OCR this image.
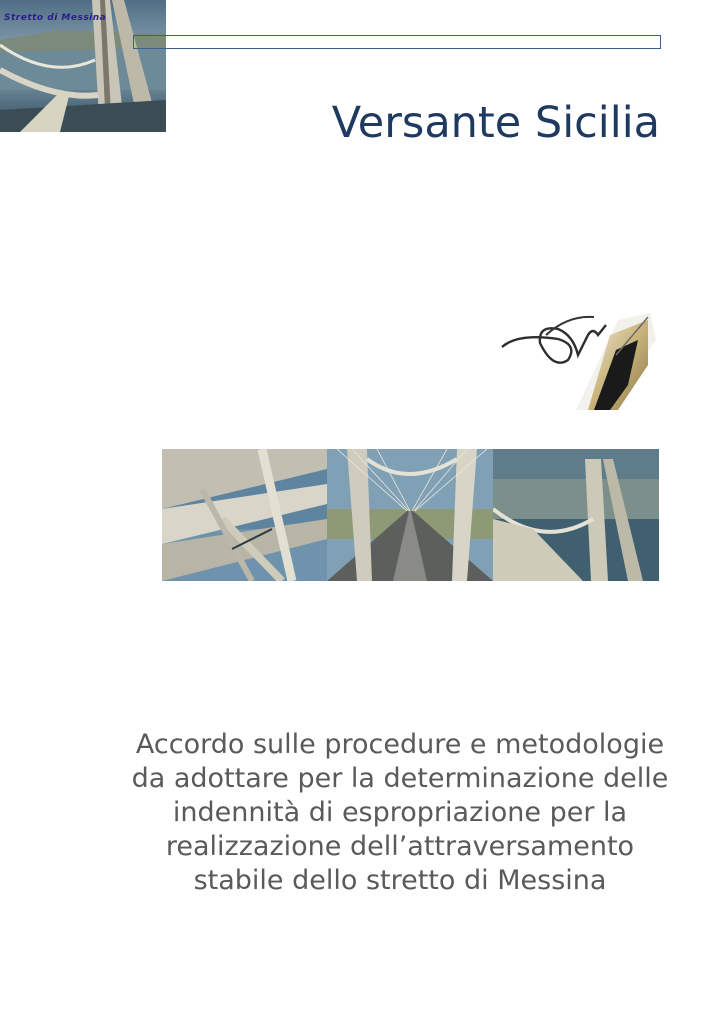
Stretto di Messina
Versante Sicilia
Accordo sulle procedure e metodologie da adottare per la determinazione delle indennità di espropriazione per la realizzazione dell’attraversamento stabile dello stretto di Messina
